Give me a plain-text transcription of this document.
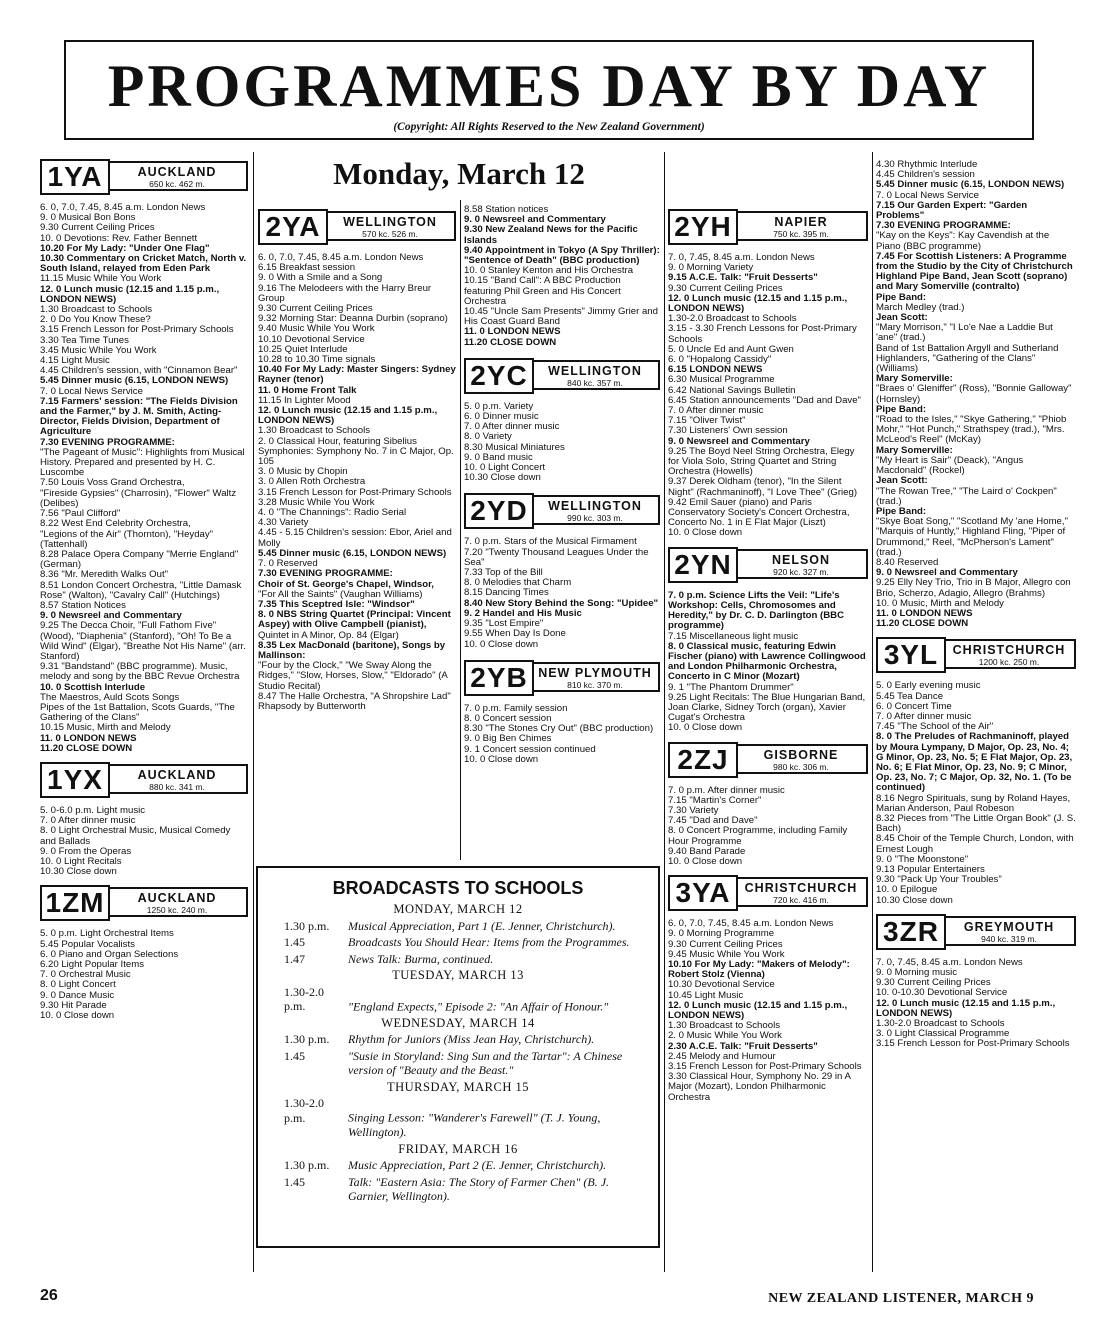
PROGRAMMES DAY BY DAY
(Copyright: All Rights Reserved to the New Zealand Government)
Monday, March 12
1YA	AUCKLAND
650 kc. 462 m.

6. 0, 7.0, 7.45, 8.45 a.m. London News

9. 0 Musical Bon Bons

9.30 Current Ceiling Prices

10. 0 Devotions: Rev. Father Bennett

10.20 For My Lady: "Under One Flag"

10.30 Commentary on Cricket Match, North v. South Island, relayed from Eden Park

11.15 Music While You Work

12. 0 Lunch music (12.15 and 1.15 p.m., LONDON NEWS)

1.30 Broadcast to Schools

2. 0 Do You Know These?

3.15 French Lesson for Post-Primary Schools

3.30 Tea Time Tunes

3.45 Music While You Work

4.15 Light Music

4.45 Children's session, with "Cinnamon Bear"

5.45 Dinner music (6.15, LONDON NEWS)

7. 0 Local News Service

7.15 Farmers' session: "The Fields Division and the Farmer," by J. M. Smith, Acting-Director, Fields Division, Department of Agriculture

7.30 EVENING PROGRAMME:

"The Pageant of Music": Highlights from Musical History. Prepared and presented by H. C. Luscombe

7.50 Louis Voss Grand Orchestra,

"Fireside Gypsies" (Charrosin), "Flower" Waltz (Delibes)

7.56 "Paul Clifford"

8.22 West End Celebrity Orchestra,

"Legions of the Air" (Thornton), "Heyday" (Tattenhall)

8.28 Palace Opera Company "Merrie England" (German)

8.36 "Mr. Meredith Walks Out"

8.51 London Concert Orchestra, "Little Damask Rose" (Walton), "Cavalry Call" (Hutchings)

8.57 Station Notices

9. 0 Newsreel and Commentary

9.25 The Decca Choir, "Full Fathom Five" (Wood), "Diaphenia" (Stanford), "Oh! To Be a Wild Wind" (Elgar), "Breathe Not His Name" (arr. Stanford)

9.31 "Bandstand" (BBC programme). Music, melody and song by the BBC Revue Orchestra

10. 0 Scottish Interlude

The Maestros, Auld Scots Songs

Pipes of the 1st Battalion, Scots Guards, "The Gathering of the Clans"

10.15 Music, Mirth and Melody

11. 0 LONDON NEWS

11.20 CLOSE DOWN

1YX	AUCKLAND
880 kc. 341 m.

5. 0-6.0 p.m. Light music

7. 0 After dinner music

8. 0 Light Orchestral Music, Musical Comedy and Ballads

9. 0 From the Operas

10. 0 Light Recitals

10.30 Close down

1ZM	AUCKLAND
1250 kc. 240 m.

5. 0 p.m. Light Orchestral Items

5.45 Popular Vocalists

6. 0 Piano and Organ Selections

6.20 Light Popular Items

7. 0 Orchestral Music

8. 0 Light Concert

9. 0 Dance Music

9.30 Hit Parade

10. 0 Close down

2YA	WELLINGTON
570 kc. 526 m.

6. 0, 7.0, 7.45, 8.45 a.m. London News

6.15 Breakfast session

9. 0 With a Smile and a Song

9.16 The Melodeers with the Harry Breur Group

9.30 Current Ceiling Prices

9.32 Morning Star: Deanna Durbin (soprano)

9.40 Music While You Work

10.10 Devotional Service

10.25 Quiet Interlude

10.28 to 10.30 Time signals

10.40 For My Lady: Master Singers: Sydney Rayner (tenor)

11. 0 Home Front Talk

11.15 In Lighter Mood

12. 0 Lunch music (12.15 and 1.15 p.m., LONDON NEWS)

1.30 Broadcast to Schools

2. 0 Classical Hour, featuring Sibelius Symphonies: Symphony No. 7 in C Major, Op. 105

3. 0 Music by Chopin

3. 0 Allen Roth Orchestra

3.15 French Lesson for Post-Primary Schools

3.28 Music While You Work

4. 0 "The Channings": Radio Serial

4.30 Variety

4.45 - 5.15 Children's session: Ebor, Ariel and Molly

5.45 Dinner music (6.15, LONDON NEWS)

7. 0 Reserved

7.30 EVENING PROGRAMME:

Choir of St. George's Chapel, Windsor,

"For All the Saints" (Vaughan Williams)

7.35 This Sceptred Isle: "Windsor"

8. 0 NBS String Quartet (Principal: Vincent Aspey) with Olive Campbell (pianist),

Quintet in A Minor, Op. 84 (Elgar)

8.35 Lex MacDonald (baritone), Songs by Mallinson:

"Four by the Clock," "We Sway Along the Ridges," "Slow, Horses, Slow," "Eldorado" (A Studio Recital)

8.47 The Halle Orchestra, "A Shropshire Lad" Rhapsody by Butterworth

8.58 Station notices

9. 0 Newsreel and Commentary

9.30 New Zealand News for the Pacific Islands

9.40 Appointment in Tokyo (A Spy Thriller): "Sentence of Death" (BBC production)

10. 0 Stanley Kenton and His Orchestra

10.15 "Band Call": A BBC Production featuring Phil Green and His Concert Orchestra

10.45 "Uncle Sam Presents" Jimmy Grier and His Coast Guard Band

11. 0 LONDON NEWS

11.20 CLOSE DOWN

2YC	WELLINGTON
840 kc. 357 m.

5. 0 p.m. Variety

6. 0 Dinner music

7. 0 After dinner music

8. 0 Variety

8.30 Musical Miniatures

9. 0 Band music

10. 0 Light Concert

10.30 Close down

2YD	WELLINGTON
990 kc. 303 m.

7. 0 p.m. Stars of the Musical Firmament

7.20 "Twenty Thousand Leagues Under the Sea"

7.33 Top of the Bill

8. 0 Melodies that Charm

8.15 Dancing Times

8.40 New Story Behind the Song: "Upidee"

9. 2 Handel and His Music

9.35 "Lost Empire"

9.55 When Day Is Done

10. 0 Close down

2YB NEW PLYMOUTH
810 kc. 370 m.

7. 0 p.m. Family session

8. 0 Concert session

8.30 "The Stones Cry Out" (BBC production)

9. 0 Big Ben Chimes

9. 1 Concert session continued

10. 0 Close down

BROADCASTS TO SCHOOLS
MONDAY, MARCH 12
1.30 p.m. Musical Appreciation, Part 1 (E. Jenner, Christchurch).
1.45	Broadcasts You Should Hear: Items from the Programmes.
1.47	News Talk: Burma, continued.
TUESDAY, MARCH 13
1.30-2.0 p.m.	"England Expects," Episode 2: "An Affair of Honour."
WEDNESDAY, MARCH 14
1.30 p.m. Rhythm for Juniors (Miss Jean Hay, Christchurch).
1.45	"Susie in Storyland: Sing Sun and the Tartar": A Chinese version of "Beauty and the Beast."
THURSDAY, MARCH 15
1.30-2.0 p.m.	Singing Lesson: "Wanderer's Farewell" (T. J. Young, Wellington).
FRIDAY, MARCH 16
1.30 p.m. Music Appreciation, Part 2 (E. Jenner, Christchurch).
1.45	Talk: "Eastern Asia: The Story of Farmer Chen" (B. J. Garnier, Wellington).
2YH	NAPIER
750 kc. 395 m.

7. 0, 7.45, 8.45 a.m. London News

9. 0 Morning Variety

9.15 A.C.E. Talk: "Fruit Desserts"

9.30 Current Ceiling Prices

12. 0 Lunch music (12.15 and 1.15 p.m., LONDON NEWS)

1.30-2.0 Broadcast to Schools

3.15 - 3.30 French Lessons for Post-Primary Schools

5. 0 Uncle Ed and Aunt Gwen

6. 0 "Hopalong Cassidy"

6.15 LONDON NEWS

6.30 Musical Programme

6.42 National Savings Bulletin

6.45 Station announcements "Dad and Dave"

7. 0 After dinner music

7.15 "Oliver Twist"

7.30 Listeners' Own session

9. 0 Newsreel and Commentary

9.25 The Boyd Neel String Orchestra, Elegy for Viola Solo, String Quartet and String Orchestra (Howells)

9.37 Derek Oldham (tenor), "In the Silent Night" (Rachmaninoff), "I Love Thee" (Grieg)

9.42 Emil Sauer (piano) and Paris Conservatory Society's Concert Orchestra, Concerto No. 1 in E Flat Major (Liszt)

10. 0 Close down

2YN	NELSON
920 kc. 327 m.

7. 0 p.m. Science Lifts the Veil: "Life's Workshop: Cells, Chromosomes and Heredity," by Dr. C. D. Darlington (BBC programme)

7.15 Miscellaneous light music

8. 0 Classical music, featuring Edwin Fischer (piano) with Lawrence Collingwood and London Philharmonic Orchestra, Concerto in C Minor (Mozart)

9. 1 "The Phantom Drummer"

9.25 Light Recitals: The Blue Hungarian Band, Joan Clarke, Sidney Torch (organ), Xavier Cugat's Orchestra

10. 0 Close down

2ZJ	GISBORNE
980 kc. 306 m.

7. 0 p.m. After dinner music

7.15 "Martin's Corner"

7.30 Variety

7.45 "Dad and Dave"

8. 0 Concert Programme, including Family Hour Programme

9.40 Band Parade

10. 0 Close down

3YA	CHRISTCHURCH
720 kc. 416 m.

6. 0, 7.0, 7.45, 8.45 a.m. London News

9. 0 Morning Programme

9.30 Current Ceiling Prices

9.45 Music While You Work

10.10 For My Lady: "Makers of Melody": Robert Stolz (Vienna)

10.30 Devotional Service

10.45 Light Music

12. 0 Lunch music (12.15 and 1.15 p.m., LONDON NEWS)

1.30 Broadcast to Schools

2. 0 Music While You Work

2.30 A.C.E. Talk: "Fruit Desserts"

2.45 Melody and Humour

3.15 French Lesson for Post-Primary Schools

3.30 Classical Hour, Symphony No. 29 in A Major (Mozart), London Philharmonic Orchestra

4.30 Rhythmic Interlude

4.45 Children's session

5.45 Dinner music (6.15, LONDON NEWS)

7. 0 Local News Service

7.15 Our Garden Expert: "Garden Problems"

7.30 EVENING PROGRAMME:

"Kay on the Keys": Kay Cavendish at the Piano (BBC programme)

7.45 For Scottish Listeners: A Programme from the Studio by the City of Christchurch Highland Pipe Band, Jean Scott (soprano) and Mary Somerville (contralto)

Pipe Band:

March Medley (trad.)

Jean Scott:

"Mary Morrison," "I Lo'e Nae a Laddie But 'ane" (trad.)

Band of 1st Battalion Argyll and Sutherland Highlanders, "Gathering of the Clans" (Williams)

Mary Somerville:

"Braes o' Gleniffer" (Ross), "Bonnie Galloway" (Hornsley)

Pipe Band:

"Road to the Isles," "Skye Gathering," "Phiob Mohr," "Hot Punch," Strathspey (trad.), "Mrs. McLeod's Reel" (McKay)

Mary Somerville:

"My Heart is Sair" (Deack), "Angus Macdonald" (Rockel)

Jean Scott:

"The Rowan Tree," "The Laird o' Cockpen" (trad.)

Pipe Band:

"Skye Boat Song," "Scotland My 'ane Home," "Marquis of Huntly," Highland Fling, "Piper of Drummond," Reel, "McPherson's Lament" (trad.)

8.40 Reserved

9. 0 Newsreel and Commentary

9.25 Elly Ney Trio, Trio in B Major, Allegro con Brio, Scherzo, Adagio, Allegro (Brahms)

10. 0 Music, Mirth and Melody

11. 0 LONDON NEWS

11.20 CLOSE DOWN

3YL	CHRISTCHURCH
1200 kc. 250 m.

5. 0 Early evening music

5.45 Tea Dance

6. 0 Concert Time

7. 0 After dinner music

7.45 "The School of the Air"

8. 0 The Preludes of Rachmaninoff, played by Moura Lympany, D Major, Op. 23, No. 4; G Minor, Op. 23, No. 5; E Flat Major, Op. 23, No. 6; E Flat Minor, Op. 23, No. 9; C Minor, Op. 23, No. 7; C Major, Op. 32, No. 1. (To be continued)

8.16 Negro Spirituals, sung by Roland Hayes, Marian Anderson, Paul Robeson

8.32 Pieces from "The Little Organ Book" (J. S. Bach)

8.45 Choir of the Temple Church, London, with Ernest Lough

9. 0 "The Moonstone"

9.13 Popular Entertainers

9.30 "Pack Up Your Troubles"

10. 0 Epilogue

10.30 Close down

3ZR	GREYMOUTH
940 kc. 319 m.

7. 0, 7.45, 8.45 a.m. London News

9. 0 Morning music

9.30 Current Ceiling Prices

10. 0-10.30 Devotional Service

12. 0 Lunch music (12.15 and 1.15 p.m., LONDON NEWS)

1.30-2.0 Broadcast to Schools

3. 0 Light Classical Programme

3.15 French Lesson for Post-Primary Schools

26	NEW ZEALAND LISTENER, MARCH 9
